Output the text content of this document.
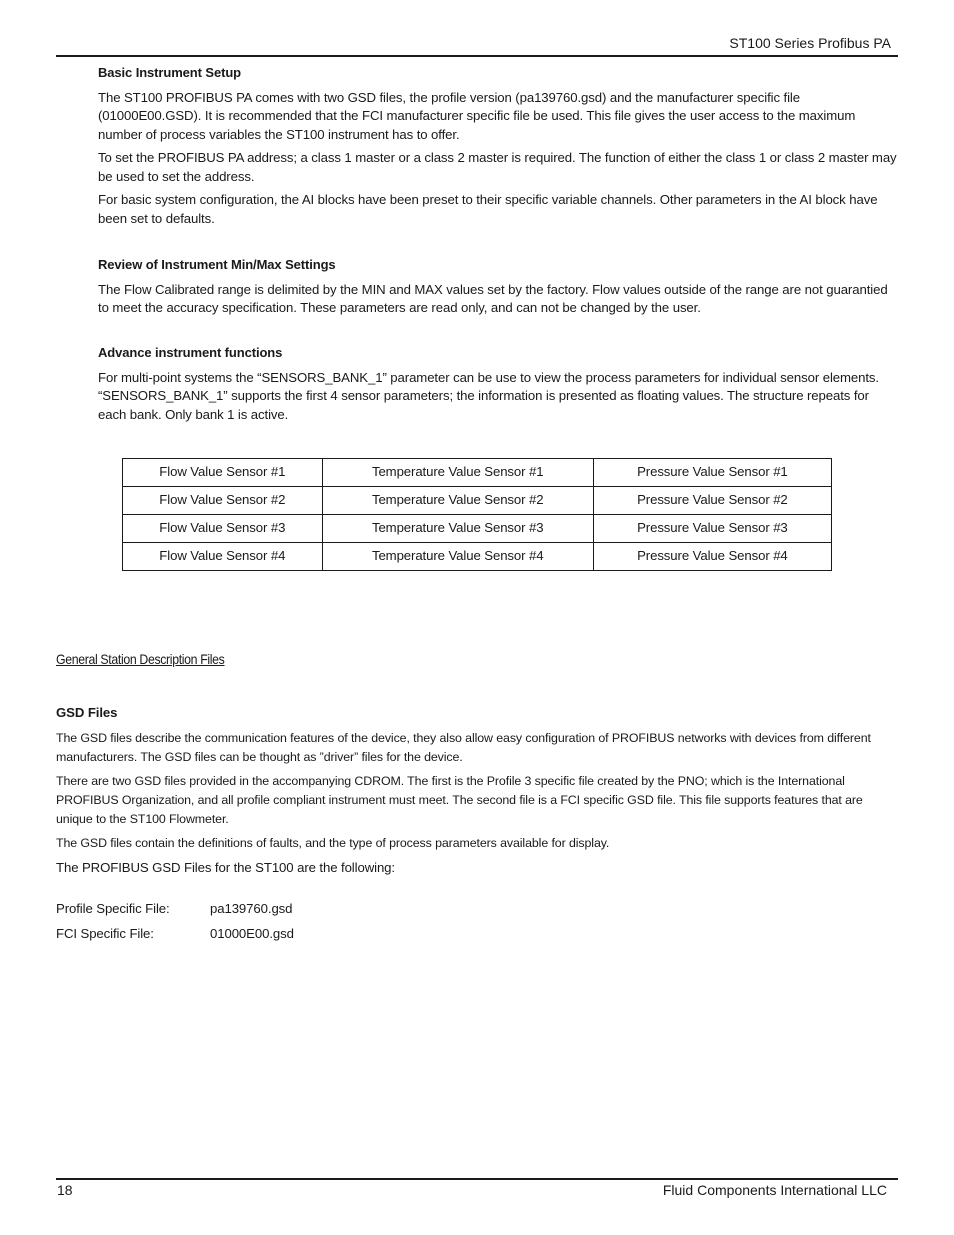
ST100 Series Profibus PA

Basic Instrument Setup

The ST100 PROFIBUS PA comes with two GSD files, the profile version (pa139760.gsd) and the manufacturer specific file (01000E00.GSD). It is recommended that the FCI manufacturer specific file be used. This file gives the user access to the maximum number of process variables the ST100 instrument has to offer.

To set the PROFIBUS PA address; a class 1 master or a class 2 master is required. The function of either the class 1 or class 2 master may be used to set the address.

For basic system configuration, the AI blocks have been preset to their specific variable channels. Other parameters in the AI block have been set to defaults.

Review of Instrument Min/Max Settings

The Flow Calibrated range is delimited by the MIN and MAX values set by the factory. Flow values outside of the range are not guarantied to meet the accuracy specification. These parameters are read only, and can not be changed by the user.

Advance instrument functions

For multi-point systems the “SENSORS_BANK_1” parameter can be use to view the process parameters for individual sensor elements. “SENSORS_BANK_1” supports the first 4 sensor parameters; the information is presented as floating values. The structure repeats for each bank. Only bank 1 is active.

Flow Value Sensor #1	Temperature Value Sensor #1	Pressure Value Sensor #1
Flow Value Sensor #2	Temperature Value Sensor #2	Pressure Value Sensor #2
Flow Value Sensor #3	Temperature Value Sensor #3	Pressure Value Sensor #3
Flow Value Sensor #4	Temperature Value Sensor #4	Pressure Value Sensor #4
General Station Description Files

GSD Files

The GSD files describe the communication features of the device, they also allow easy configuration of PROFIBUS networks with devices from different manufacturers. The GSD files can be thought as ”driver” files for the device.

There are two GSD files provided in the accompanying CDROM. The first is the Profile 3 specific file created by the PNO; which is the International PROFIBUS Organization, and all profile compliant instrument must meet. The second file is a FCI specific GSD file. This file supports features that are unique to the ST100 Flowmeter.

The GSD files contain the definitions of faults, and the type of process parameters available for display.

The PROFIBUS GSD Files for the ST100 are the following:

Profile Specific File:	pa139760.gsd
FCI Specific File:	01000E00.gsd
18	Fluid Components International LLC
